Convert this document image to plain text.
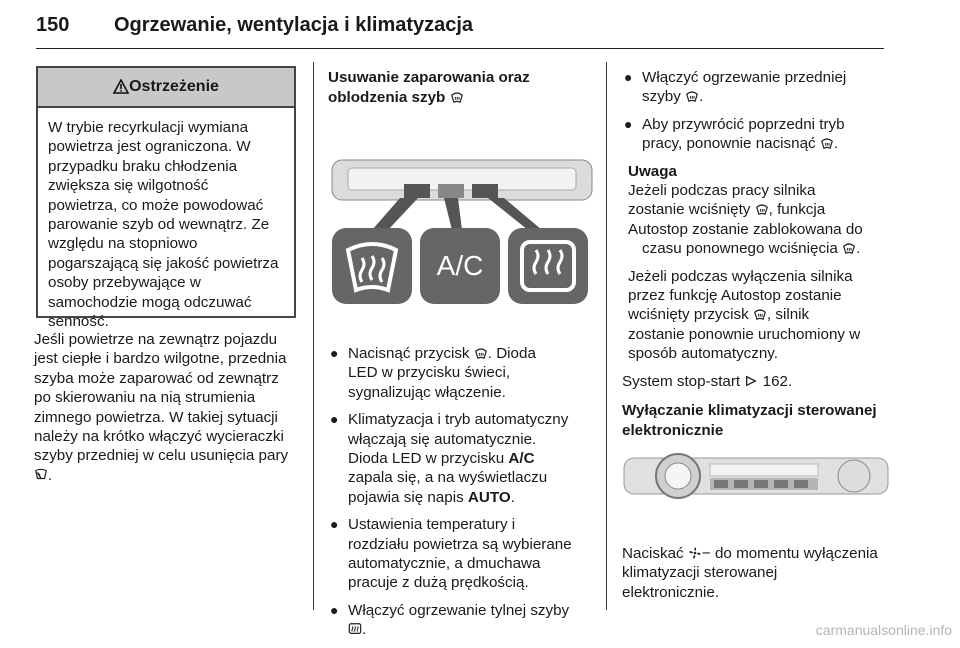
150 Ogrzewanie, wentylacja i klimatyzacja
Ostrzeżenie
W trybie recyrkulacji wymiana
powietrza jest ograniczona. W
przypadku braku chłodzenia
zwiększa się wilgotność
powietrza, co może powodować
parowanie szyb od wewnątrz. Ze
względu na stopniowo
pogarszającą się jakość powietrza
osoby przebywające w
samochodzie mogą odczuwać
senność.
Jeśli powietrze na zewnątrz pojazdu
jest ciepłe i bardzo wilgotne, przednia
szyba może zaparować od zewnątrz
po skierowaniu na nią strumienia
zimnego powietrza. W takiej sytuacji
należy na krótko włączyć wycieraczki
szyby przedniej w celu usunięcia pary
.
Usuwanie zaparowania oraz
oblodzenia szyb
A/C
● Nacisnąć przycisk . Dioda
LED w przycisku świeci,
sygnalizując włączenie.
● Klimatyzacja i tryb automatyczny
włączają się automatycznie.
Dioda LED w przycisku A/C
zapala się, a na wyświetlaczu
pojawia się napis AUTO.
● Ustawienia temperatury i
rozdziału powietrza są wybierane
automatycznie, a dmuchawa
pracuje z dużą prędkością.
● Włączyć ogrzewanie tylnej szyby
.
● Włączyć ogrzewanie przedniej
szyby .
● Aby przywrócić poprzedni tryb
pracy, ponownie nacisnąć .
Uwaga
Jeżeli podczas pracy silnika
zostanie wciśnięty , funkcja
Autostop zostanie zablokowana do
czasu ponownego wciśnięcia .
Jeżeli podczas wyłączenia silnika
przez funkcję Autostop zostanie
wciśnięty przycisk , silnik
zostanie ponownie uruchomiony w
sposób automatyczny.
System stop-start 162.
Wyłączanie klimatyzacji sterowanej
elektronicznie
Naciskać − do momentu wyłączenia
klimatyzacji sterowanej
elektronicznie.
carmanualsonline.info
